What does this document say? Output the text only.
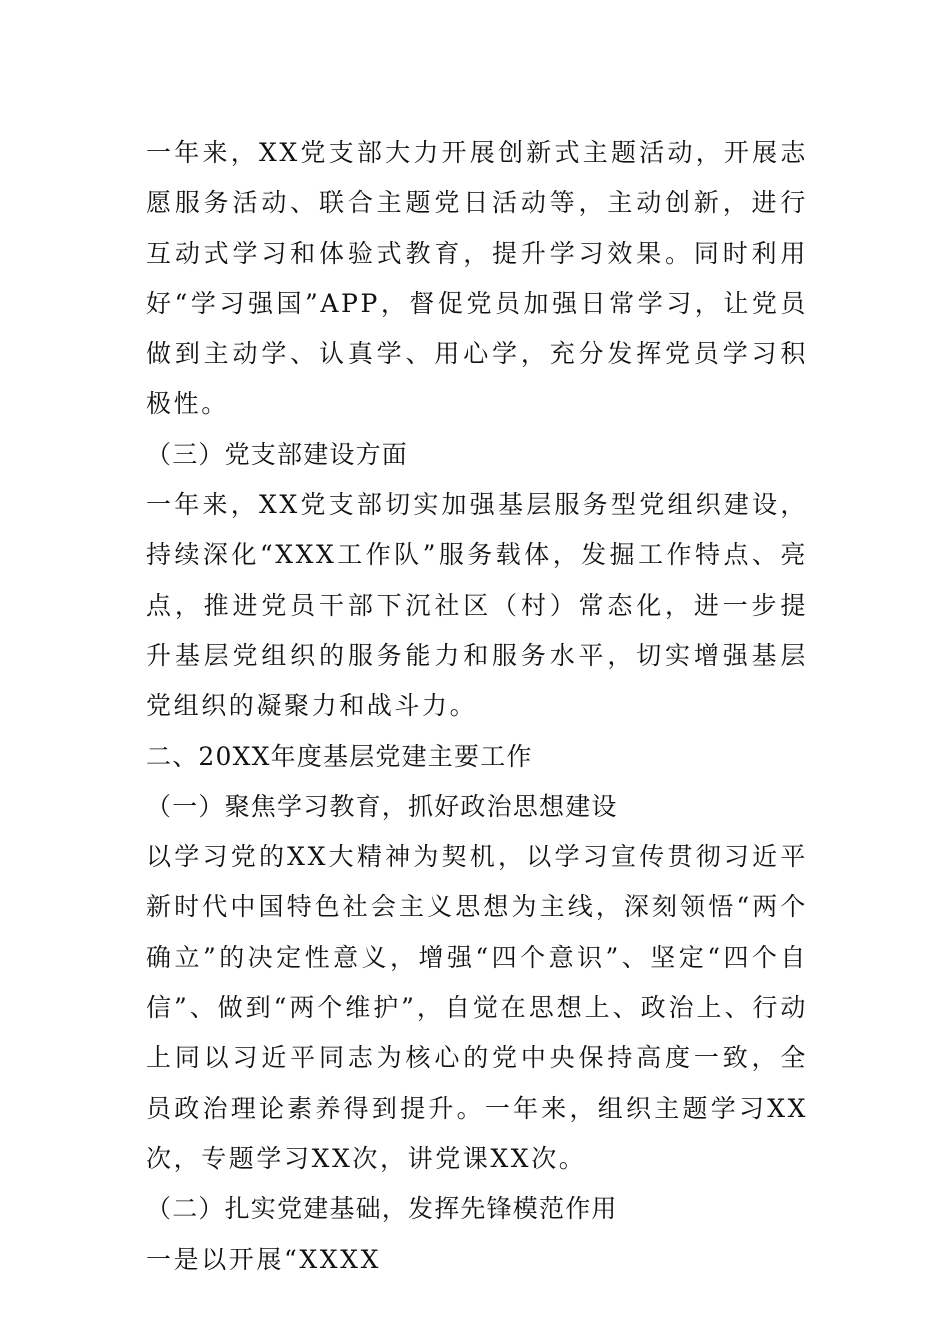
一年来，XX党支部大力开展创新式主题活动，开展志愿服务活动、联合主题党日活动等，主动创新，进行互动式学习和体验式教育，提升学习效果。同时利用好“学习强国”APP，督促党员加强日常学习，让党员做到主动学、认真学、用心学，充分发挥党员学习积极性。

（三）党支部建设方面

一年来，XX党支部切实加强基层服务型党组织建设，持续深化“XXX工作队”服务载体，发掘工作特点、亮点，推进党员干部下沉社区（村）常态化，进一步提升基层党组织的服务能力和服务水平，切实增强基层党组织的凝聚力和战斗力。

二、20XX年度基层党建主要工作

（一）聚焦学习教育，抓好政治思想建设

以学习党的XX大精神为契机，以学习宣传贯彻习近平新时代中国特色社会主义思想为主线，深刻领悟“两个确立”的决定性意义，增强“四个意识”、坚定“四个自信”、做到“两个维护”，自觉在思想上、政治上、行动上同以习近平同志为核心的党中央保持高度一致，全员政治理论素养得到提升。一年来，组织主题学习XX次，专题学习XX次，讲党课XX次。

（二）扎实党建基础，发挥先锋模范作用

一是以开展“XXXX
